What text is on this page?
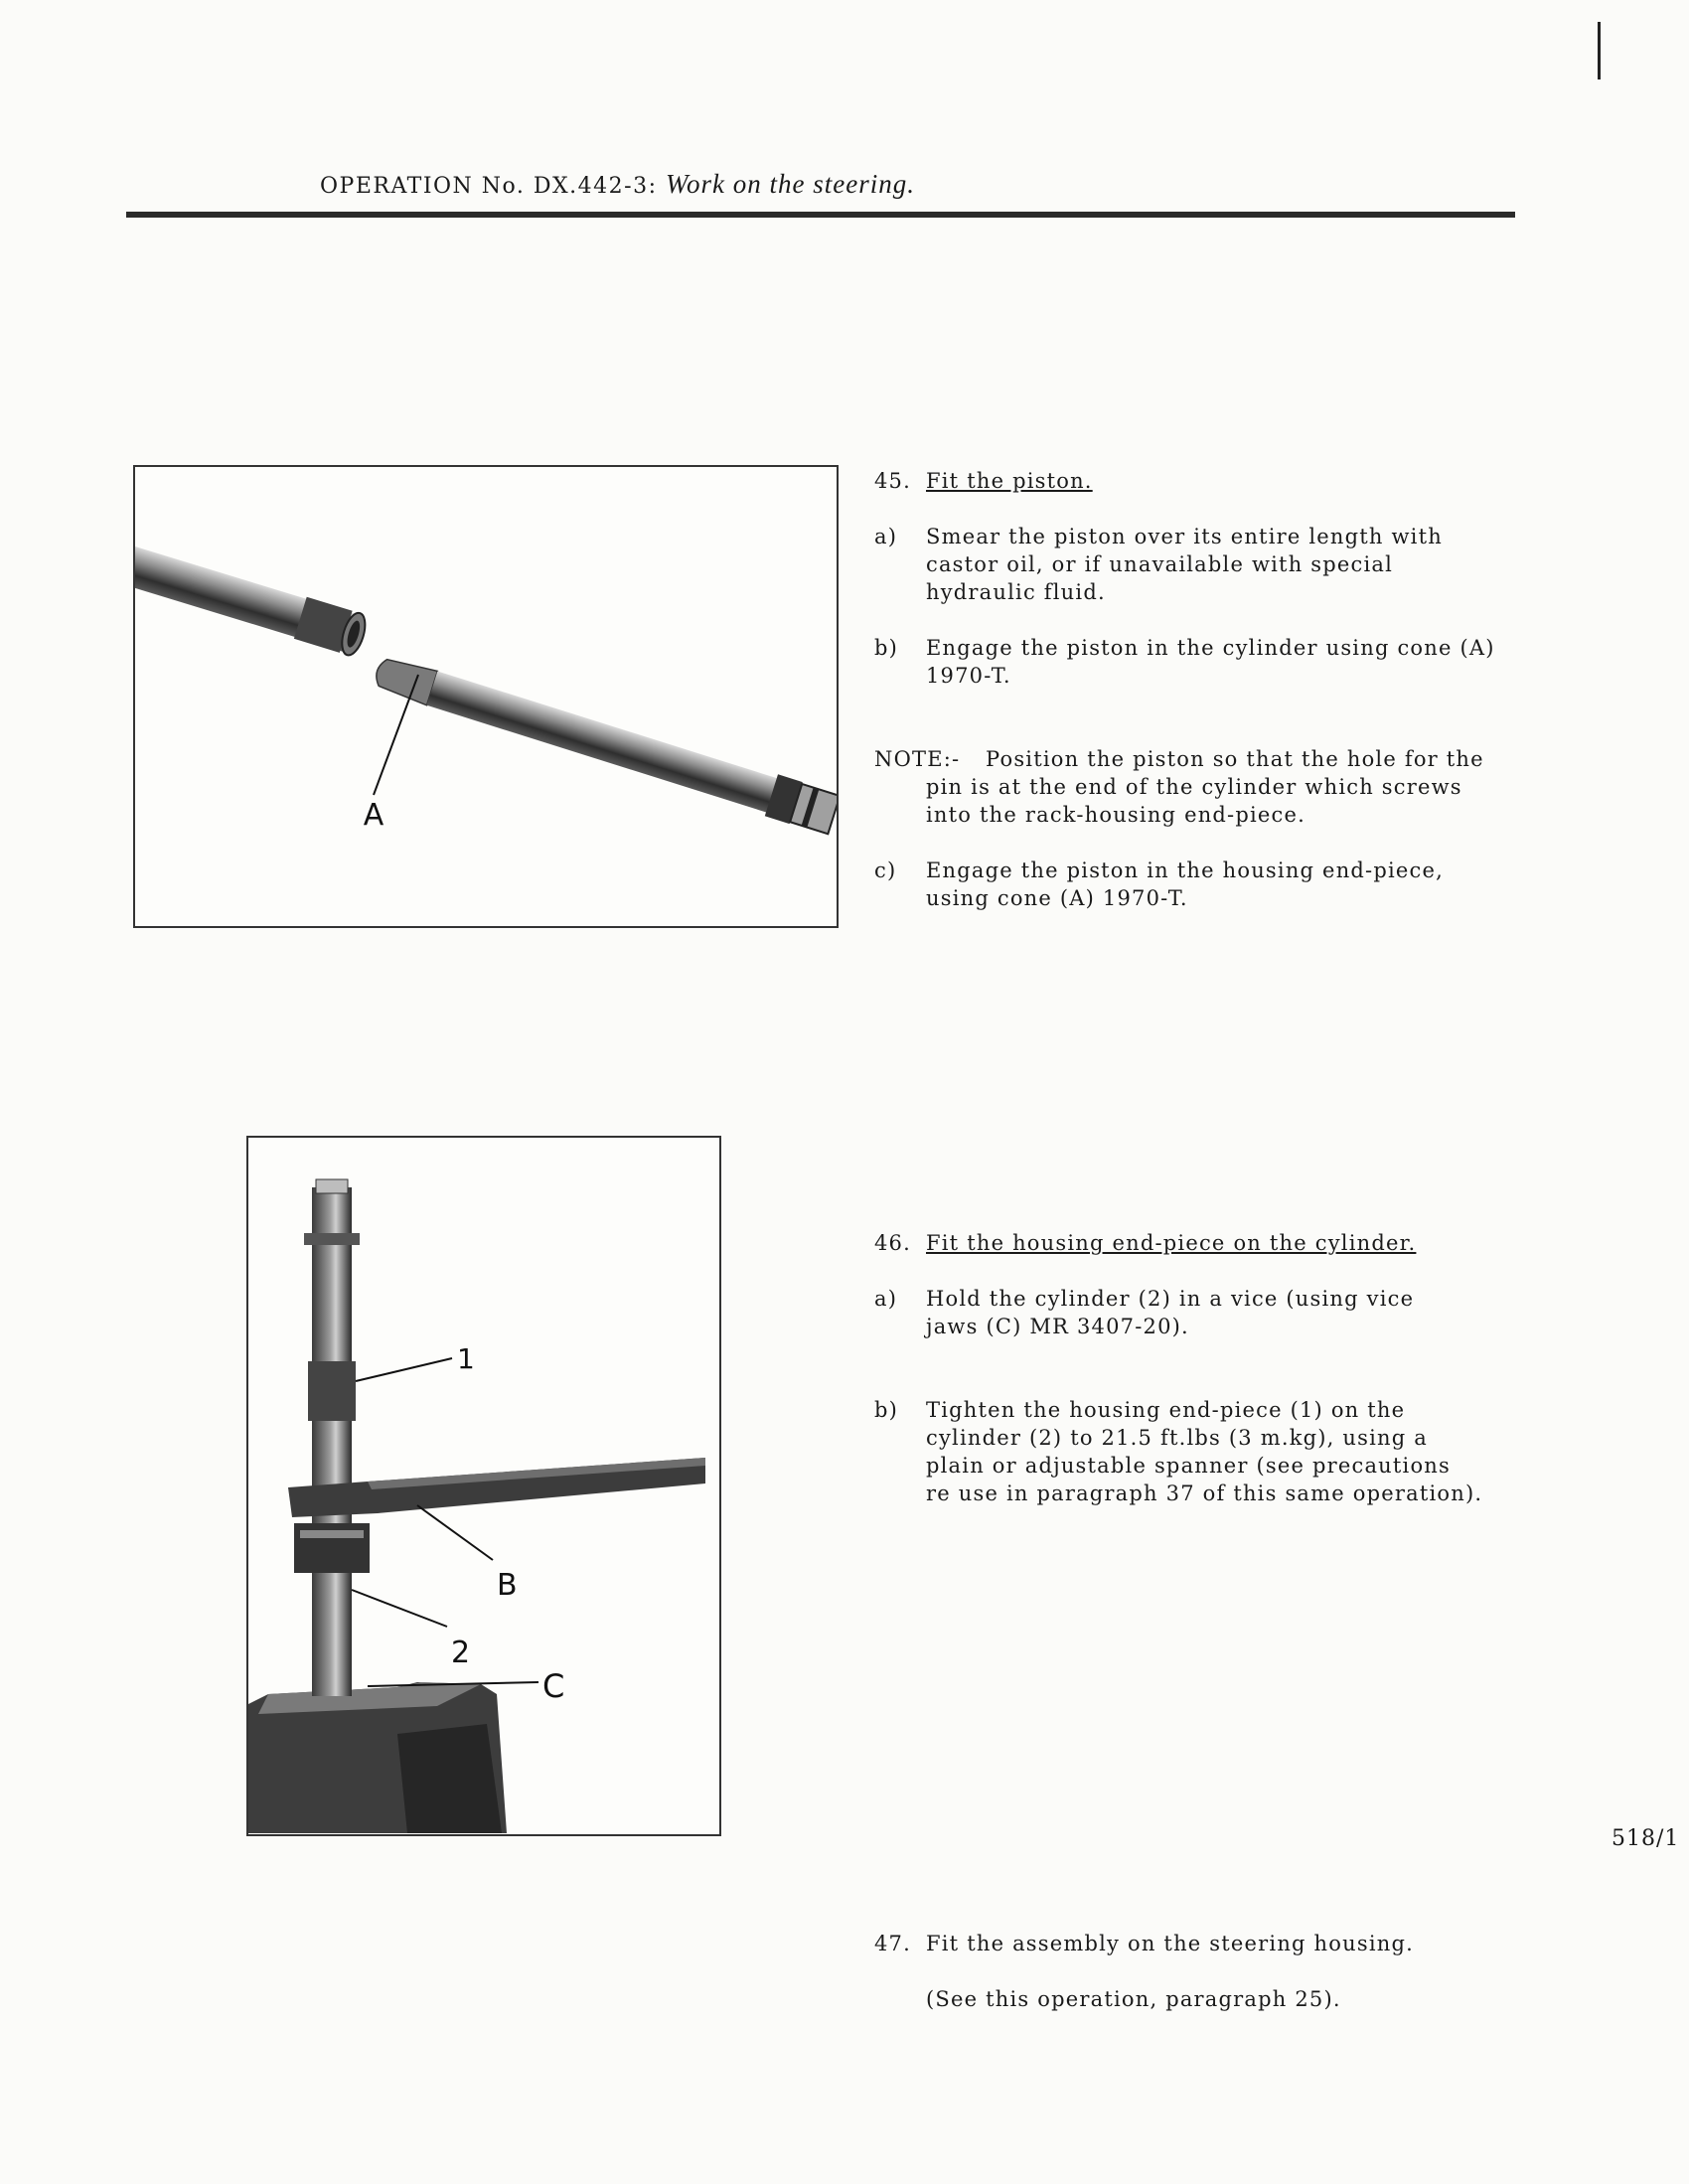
OPERATION No. DX.442-3: Work on the steering.
A
1
B
2
C
45. Fit the piston.
a) Smear the piston over its entire length with
castor oil, or if unavailable with special
hydraulic fluid.
b) Engage the piston in the cylinder using cone (A)
1970-T.
NOTE:- Position the piston so that the hole for the
pin is at the end of the cylinder which screws
into the rack-housing end-piece.
c) Engage the piston in the housing end-piece,
using cone (A) 1970-T.
46. Fit the housing end-piece on the cylinder.
a) Hold the cylinder (2) in a vice (using vice
jaws (C) MR 3407-20).
b) Tighten the housing end-piece (1) on the
cylinder (2) to 21.5 ft.lbs (3 m.kg), using a
plain or adjustable spanner (see precautions
re use in paragraph 37 of this same operation).
47. Fit the assembly on the steering housing.
(See this operation, paragraph 25).
518/1
